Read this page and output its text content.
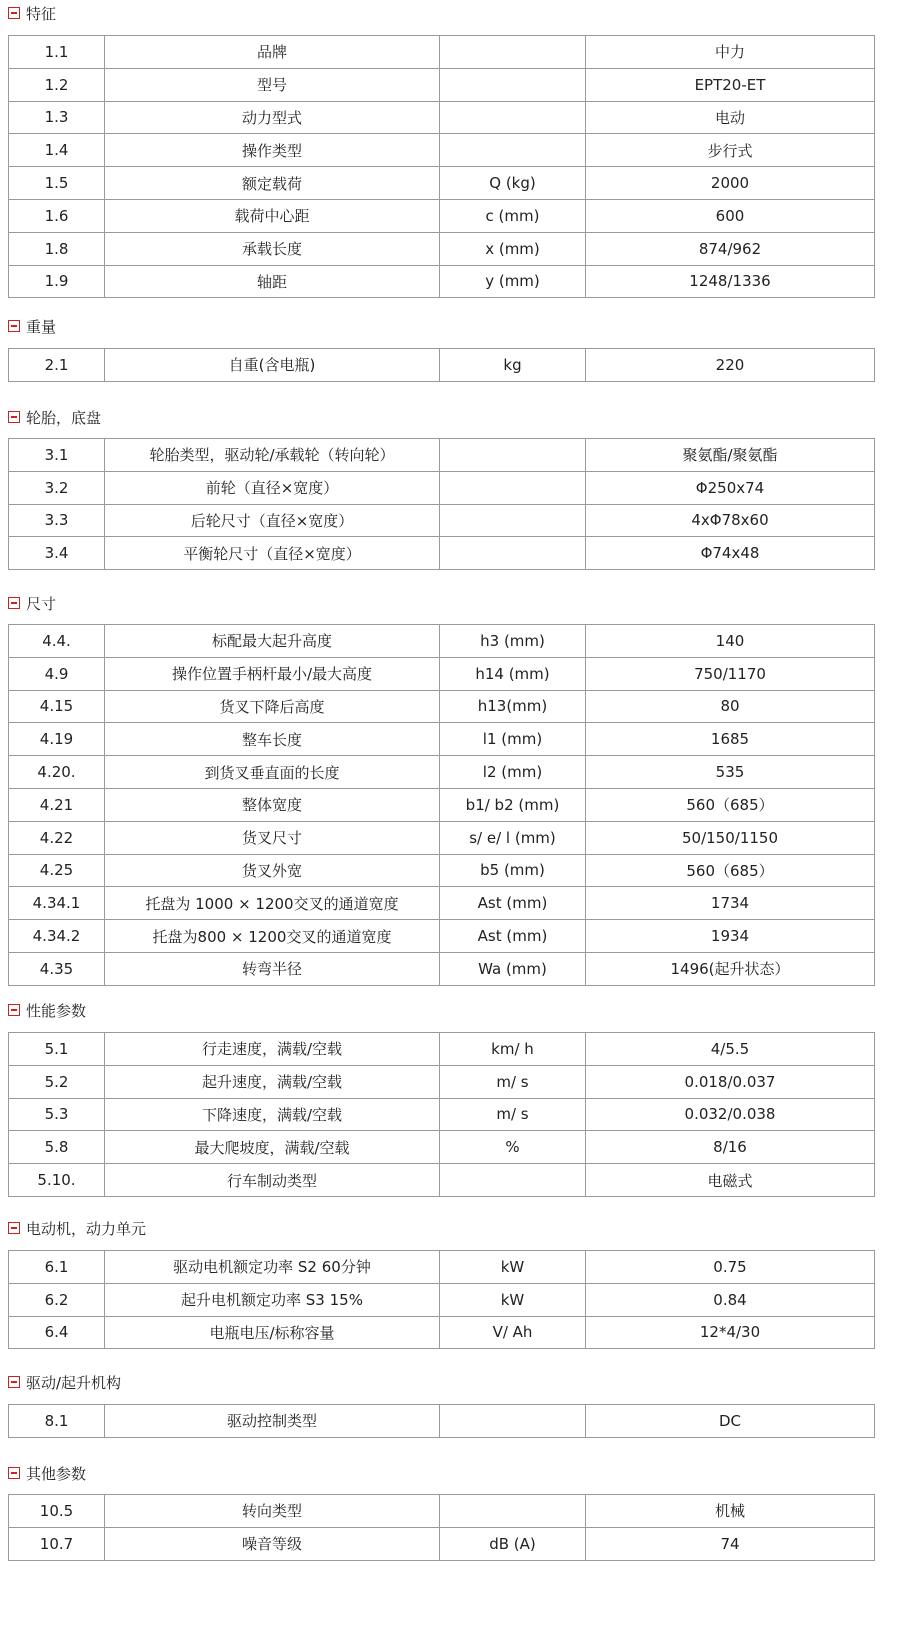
特征
1.1	品牌		中力
1.2	型号		EPT20-ET
1.3	动力型式		电动
1.4	操作类型		步行式
1.5	额定载荷	Q (kg)	2000
1.6	载荷中心距	c (mm)	600
1.8	承载长度	x (mm)	874/962
1.9	轴距	y (mm)	1248/1336
重量
2.1	自重(含电瓶)	kg	220
轮胎，底盘
3.1	轮胎类型，驱动轮/承载轮（转向轮）		聚氨酯/聚氨酯
3.2	前轮（直径×宽度）		Φ250x74
3.3	后轮尺寸（直径×宽度）		4xΦ78x60
3.4	平衡轮尺寸（直径×宽度）		Φ74x48
尺寸
4.4.	标配最大起升高度	h3 (mm)	140
4.9	操作位置手柄杆最小/最大高度	h14 (mm)	750/1170
4.15	货叉下降后高度	h13(mm)	80
4.19	整车长度	l1 (mm)	1685
4.20.	到货叉垂直面的长度	l2 (mm)	535
4.21	整体宽度	b1/ b2 (mm)	560（685）
4.22	货叉尺寸	s/ e/ l (mm)	50/150/1150
4.25	货叉外宽	b5 (mm)	560（685）
4.34.1	托盘为 1000 × 1200交叉的通道宽度	Ast (mm)	1734
4.34.2	托盘为800 × 1200交叉的通道宽度	Ast (mm)	1934
4.35	转弯半径	Wa (mm)	1496(起升状态）
性能参数
5.1	行走速度，满载/空载	km/ h	4/5.5
5.2	起升速度，满载/空载	m/ s	0.018/0.037
5.3	下降速度，满载/空载	m/ s	0.032/0.038
5.8	最大爬坡度，满载/空载	%	8/16
5.10.	行车制动类型		电磁式
电动机，动力单元
6.1	驱动电机额定功率 S2 60分钟	kW	0.75
6.2	起升电机额定功率 S3 15%	kW	0.84
6.4	电瓶电压/标称容量	V/ Ah	12*4/30
驱动/起升机构
8.1	驱动控制类型		DC
其他参数
10.5	转向类型		机械
10.7	噪音等级	dB (A)	74
